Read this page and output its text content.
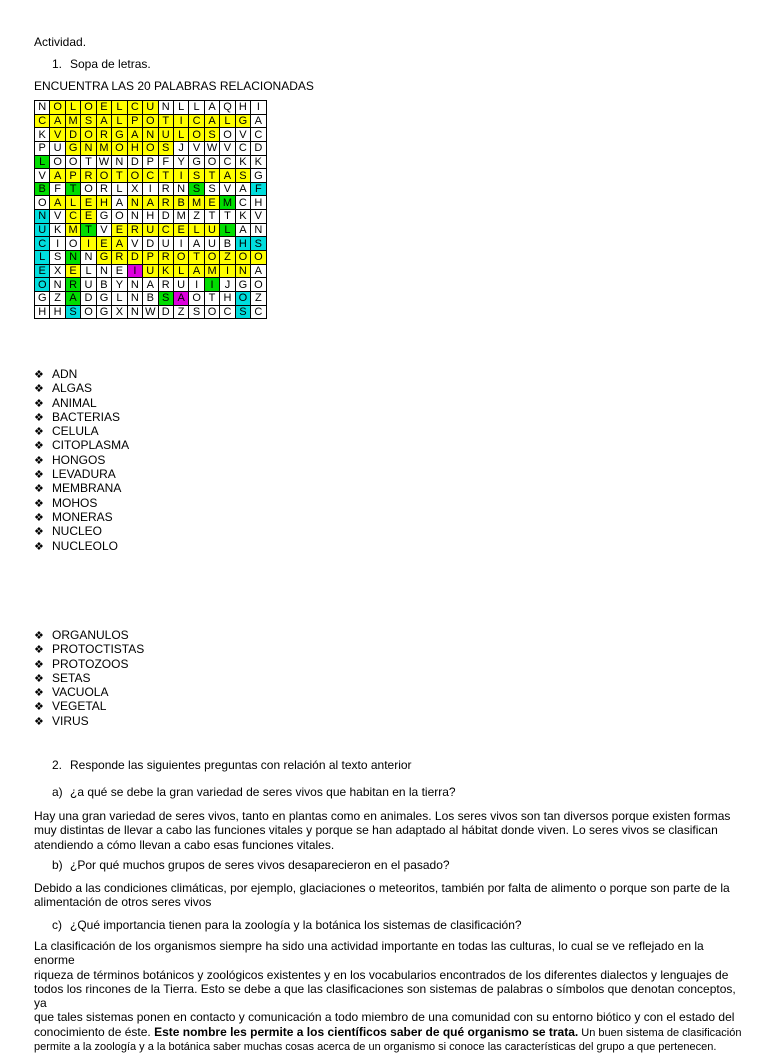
Actividad.
1. Sopa de letras.
ENCUENTRA LAS 20 PALABRAS RELACIONADAS
N	O	L	O	E	L	C	U	N	L	L	A	Q	H	I
C	A	M	S	A	L	P	O	T	I	C	A	L	G	A
K	V	D	O	R	G	A	N	U	L	O	S	O	V	C
P	U	G	N	M	O	H	O	S	J	V	W	V	C	D
L	O	O	T	W	N	D	P	F	Y	G	O	C	K	K
V	A	P	R	O	T	O	C	T	I	S	T	A	S	G
B	F	T	O	R	L	X	I	R	N	S	S	V	A	F
O	A	L	E	H	A	N	A	R	B	M	E	M	C	H
N	V	C	E	G	O	N	H	D	M	Z	T	T	K	V
U	K	M	T	V	E	R	U	C	E	L	U	L	A	N
C	I	O	I	E	A	V	D	U	I	A	U	B	H	S
L	S	N	N	G	R	D	P	R	O	T	O	Z	O	O
E	X	E	L	N	E	I	U	K	L	A	M	I	N	A
O	N	R	U	B	Y	N	A	R	U	I	I	J	G	O
G	Z	A	D	G	L	N	B	S	A	O	T	H	O	Z
H	H	S	O	G	X	N	W	D	Z	S	O	C	S	C
❖ ADN
❖ ALGAS
❖ ANIMAL
❖ BACTERIAS
❖ CELULA
❖ CITOPLASMA
❖ HONGOS
❖ LEVADURA
❖ MEMBRANA
❖ MOHOS
❖ MONERAS
❖ NUCLEO
❖ NUCLEOLO
❖ ORGANULOS
❖ PROTOCTISTAS
❖ PROTOZOOS
❖ SETAS
❖ VACUOLA
❖ VEGETAL
❖ VIRUS
2. Responde las siguientes preguntas con relación al texto anterior
a) ¿a qué se debe la gran variedad de seres vivos que habitan en la tierra?
Hay una gran variedad de seres vivos, tanto en plantas como en animales. Los seres vivos son tan diversos porque existen formas
muy distintas de llevar a cabo las funciones vitales y porque se han adaptado al hábitat donde viven. Lo seres vivos se clasifican
atendiendo a cómo llevan a cabo esas funciones vitales.
b) ¿Por qué muchos grupos de seres vivos desaparecieron en el pasado?
Debido a las condiciones climáticas, por ejemplo, glaciaciones o meteoritos, también por falta de alimento o porque son parte de la
alimentación de otros seres vivos
c) ¿Qué importancia tienen para la zoología y la botánica los sistemas de clasificación?
La clasificación de los organismos siempre ha sido una actividad importante en todas las culturas, lo cual se ve reflejado en la enorme
riqueza de términos botánicos y zoológicos existentes y en los vocabularios encontrados de los diferentes dialectos y lenguajes de
todos los rincones de la Tierra. Esto se debe a que las clasificaciones son sistemas de palabras o símbolos que denotan conceptos, ya
que tales sistemas ponen en contacto y comunicación a todo miembro de una comunidad con su entorno biótico y con el estado del
conocimiento de éste. Este nombre les permite a los científicos saber de qué organismo se trata. Un buen sistema de clasificación
permite a la zoología y a la botánica saber muchas cosas acerca de un organismo si conoce las características del grupo a que pertenecen.
